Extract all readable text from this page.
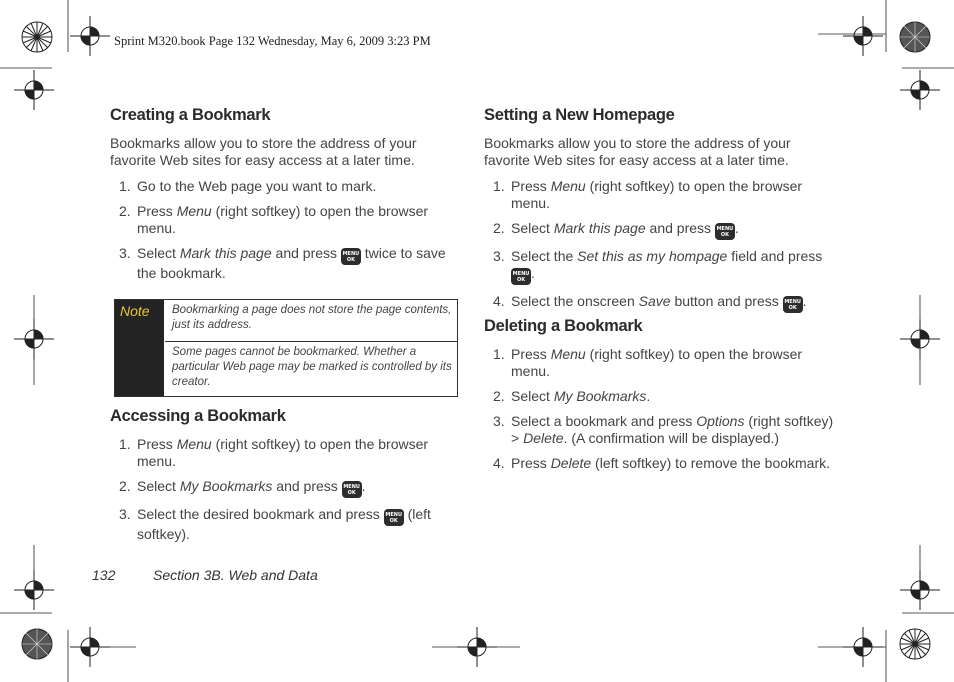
Sprint M320.book Page 132 Wednesday, May 6, 2009 3:23 PM
Creating a Bookmark

Bookmarks allow you to store the address of your favorite Web sites for easy access at a later time.

1. Go to the Web page you want to mark.
2. Press Menu (right softkey) to open the browser menu.
3. Select Mark this page and press MENU
OK twice to save the bookmark.
Note	Bookmarking a page does not store the page contents, just its address.
Some pages cannot be bookmarked. Whether a particular Web page may be marked is controlled by its creator.
Accessing a Bookmark
1. Press Menu (right softkey) to open the browser menu.
2. Select My Bookmarks and press MENU
OK .
3. Select the desired bookmark and press MENU
OK (left softkey).
Setting a New Homepage

Bookmarks allow you to store the address of your favorite Web sites for easy access at a later time.

1. Press Menu (right softkey) to open the browser menu.
2. Select Mark this page and press MENU
OK .
3. Select the Set this as my hompage field and press MENU
OK .
4. Select the onscreen Save button and press MENU
OK .
Deleting a Bookmark
1. Press Menu (right softkey) to open the browser menu.
2. Select My Bookmarks.
3. Select a bookmark and press Options (right softkey) > Delete. (A confirmation will be displayed.)
4. Press Delete (left softkey) to remove the bookmark.
132	Section 3B. Web and Data
